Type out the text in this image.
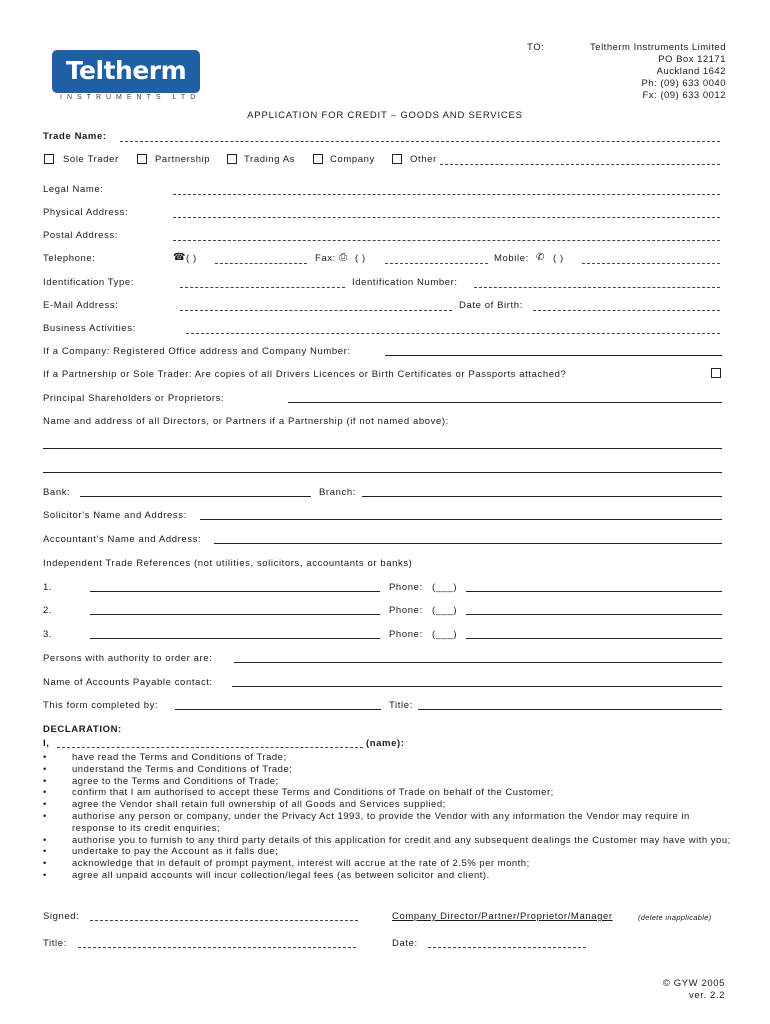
Teltherm
INSTRUMENTS LTD
TO:	Teltherm Instruments Limited
PO Box 12171
Auckland 1642
Ph: (09) 633 0040
Fx: (09) 633 0012
APPLICATION FOR CREDIT – GOODS AND SERVICES
Trade Name:
Sole Trader	Partnership	Trading As	Company	Other
Legal Name:
Physical Address:
Postal Address:
Telephone:	☎ ( )	Fax: ⎙ ( )	Mobile: ✆ ( )
Identification Type:	Identification Number:
E-Mail Address:	Date of Birth:
Business Activities:
If a Company: Registered Office address and Company Number:
If a Partnership or Sole Trader: Are copies of all Drivers Licences or Birth Certificates or Passports attached?
Principal Shareholders or Proprietors:
Name and address of all Directors, or Partners if a Partnership (if not named above):
Bank:	Branch:
Solicitor's Name and Address:
Accountant's Name and Address:
Independent Trade References (not utilities, solicitors, accountants or banks)
1.	Phone: (___)
2.	Phone: (___)
3.	Phone: (___)
Persons with authority to order are:
Name of Accounts Payable contact:
This form completed by:	Title:
DECLARATION:
I,	(name):
• have read the Terms and Conditions of Trade;
• understand the Terms and Conditions of Trade;
• agree to the Terms and Conditions of Trade;
• confirm that I am authorised to accept these Terms and Conditions of Trade on behalf of the Customer;
• agree the Vendor shall retain full ownership of all Goods and Services supplied;
• authorise any person or company, under the Privacy Act 1993, to provide the Vendor with any information the Vendor may require in response to its credit enquiries;
• authorise you to furnish to any third party details of this application for credit and any subsequent dealings the Customer may have with you;
• undertake to pay the Account as it falls due;
• acknowledge that in default of prompt payment, interest will accrue at the rate of 2.5% per month;
• agree all unpaid accounts will incur collection/legal fees (as between solicitor and client).
Signed:	Company Director/Partner/Proprietor/Manager	(delete inapplicable)
Title:	Date:
© GYW 2005
ver. 2.2
